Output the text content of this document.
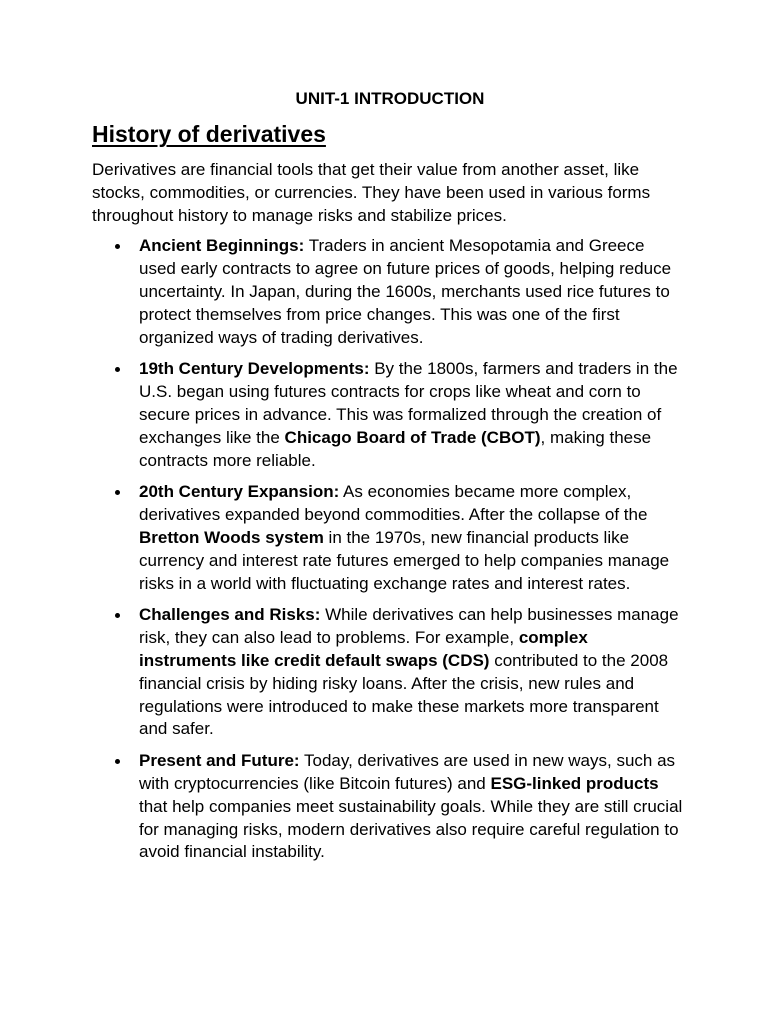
UNIT-1 INTRODUCTION
History of derivatives

Derivatives are financial tools that get their value from another asset, like stocks, commodities, or currencies. They have been used in various forms throughout history to manage risks and stabilize prices.

Ancient Beginnings: Traders in ancient Mesopotamia and Greece used early contracts to agree on future prices of goods, helping reduce uncertainty. In Japan, during the 1600s, merchants used rice futures to protect themselves from price changes. This was one of the first organized ways of trading derivatives.
19th Century Developments: By the 1800s, farmers and traders in the U.S. began using futures contracts for crops like wheat and corn to secure prices in advance. This was formalized through the creation of exchanges like the Chicago Board of Trade (CBOT), making these contracts more reliable.
20th Century Expansion: As economies became more complex, derivatives expanded beyond commodities. After the collapse of the Bretton Woods system in the 1970s, new financial products like currency and interest rate futures emerged to help companies manage risks in a world with fluctuating exchange rates and interest rates.
Challenges and Risks: While derivatives can help businesses manage risk, they can also lead to problems. For example, complex instruments like credit default swaps (CDS) contributed to the 2008 financial crisis by hiding risky loans. After the crisis, new rules and regulations were introduced to make these markets more transparent and safer.
Present and Future: Today, derivatives are used in new ways, such as with cryptocurrencies (like Bitcoin futures) and ESG-linked products that help companies meet sustainability goals. While they are still crucial for managing risks, modern derivatives also require careful regulation to avoid financial instability.
